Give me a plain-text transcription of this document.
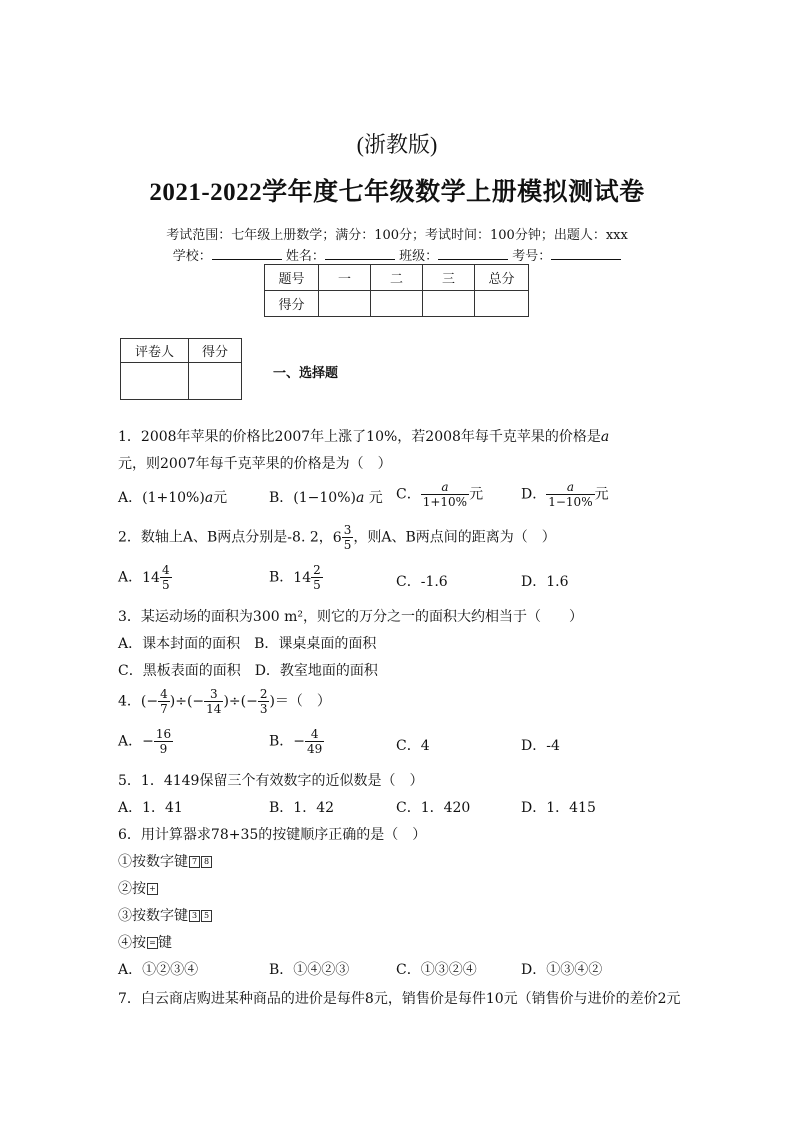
(浙教版)
2021-2022学年度七年级数学上册模拟测试卷
考试范围：七年级上册数学；满分：100分；考试时间：100分钟；出题人：xxx
学校：	姓名：	班级：	考号：
题号	一	二	三	总分
得分				
评卷人	得分

一、选择题
1．2008年苹果的价格比2007年上涨了10%，若2008年每千克苹果的价格是a
元，则2007年每千克苹果的价格是为（　）
A．(1+10%)a元	B．(1−10%)a 元 C． $\frac{a}{1+10\%}$ 元	D． $\frac{a}{1-10\%}$ 元
2．数轴上A、B两点分别是-8. 2， $6 \frac{3}{5}$ ，则A、B两点间的距离为（　）
A． $14 \frac{4}{5}$	B． $14 \frac{2}{5}$	C．-1.6	D．1.6
3．某运动场的面积为300 m²，则它的万分之一的面积大约相当于（　　）
A．课本封面的面积　B．课桌桌面的面积
C．黑板表面的面积　D．教室地面的面积
4．(− $\frac{4}{7}$ )÷(− $\frac{3}{14}$ )÷(− $\frac{2}{3}$ )＝（　）
A．− $\frac{16}{9}$	B．− $\frac{4}{49}$	C．4	D．-4
5．1．4149保留三个有效数字的近似数是（　）
A．1．41	B．1．42	C．1．420	D．1．415
6．用计算器求78+35的按键顺序正确的是（　）
①按数字键 7 8
②按 +
③按数字键 3 5
④按 = 键
A．①②③④	B．①④②③	C．①③②④	D．①③④②
7．白云商店购进某种商品的进价是每件8元，销售价是每件10元（销售价与进价的差价2元
